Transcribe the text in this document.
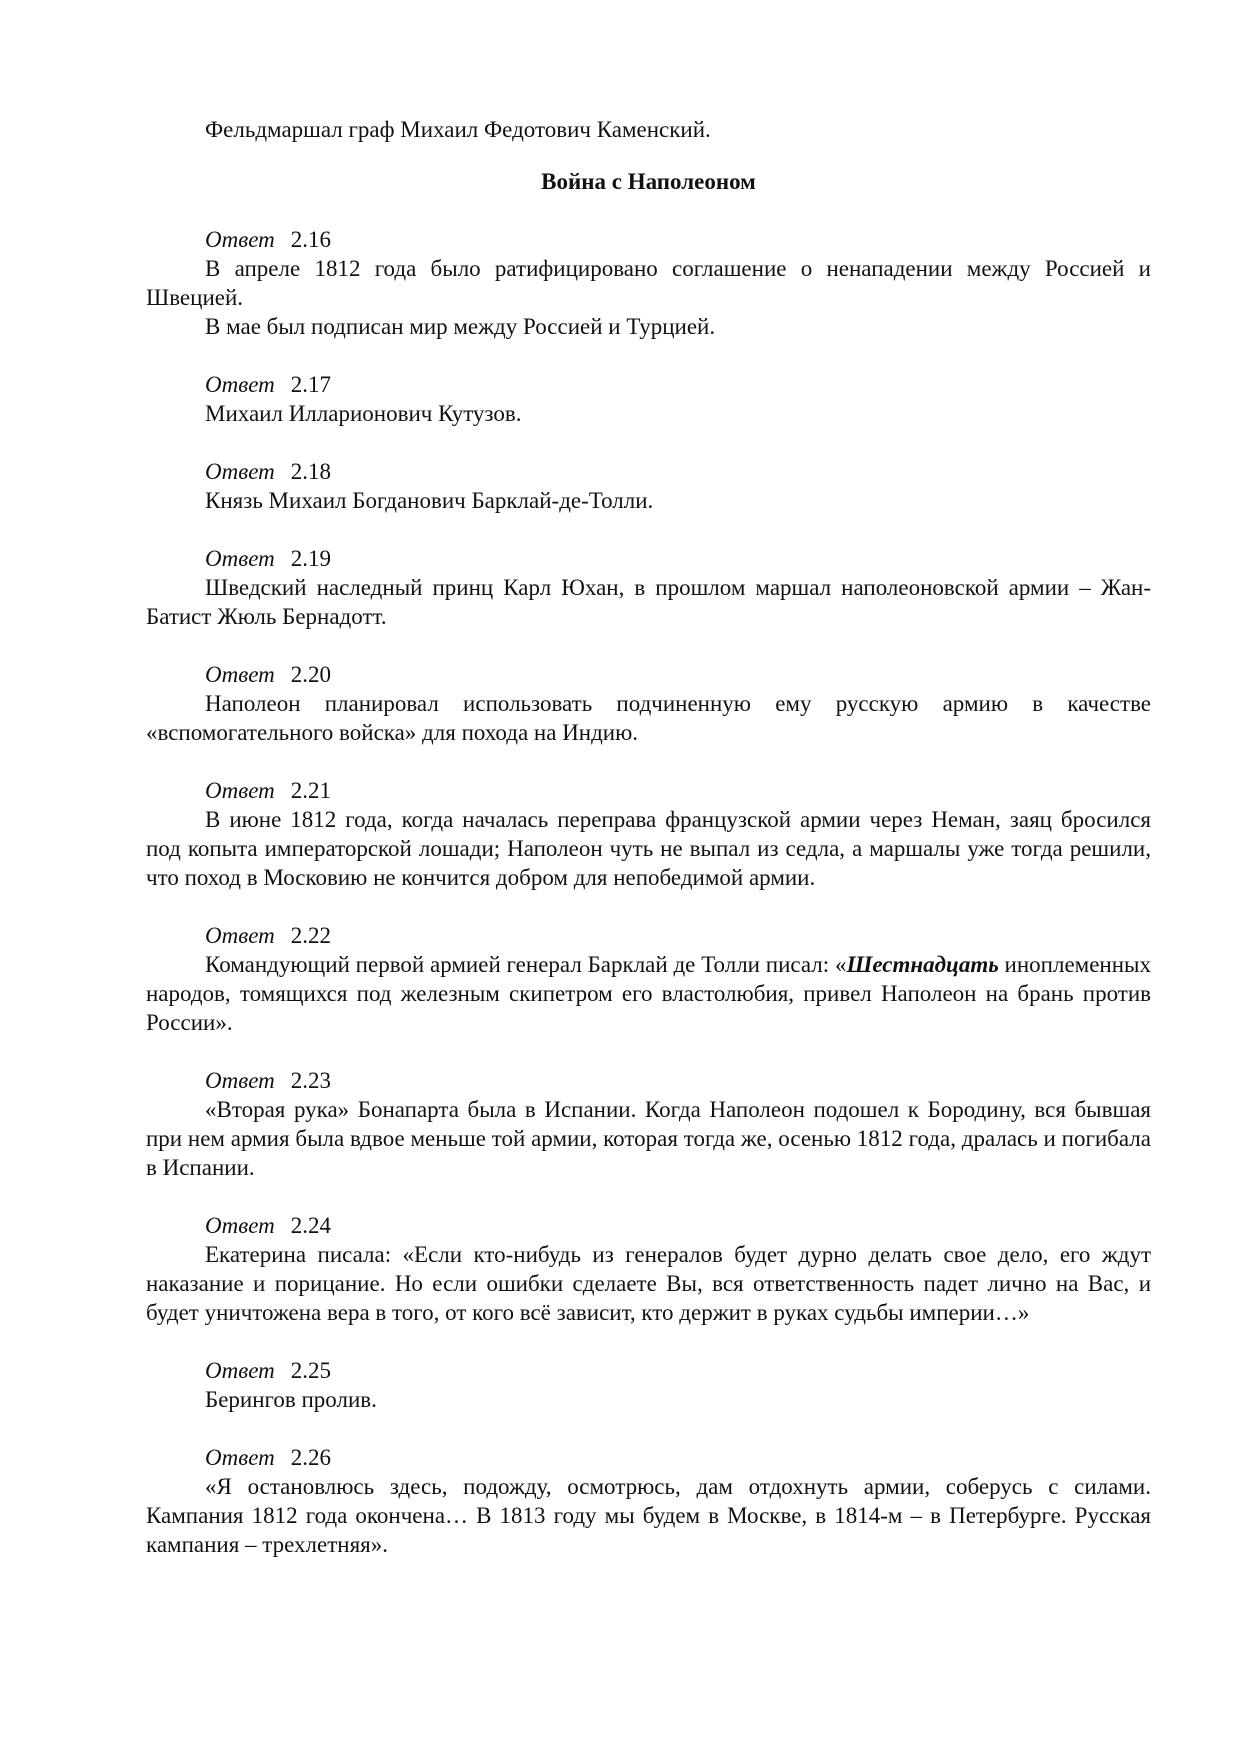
Фельдмаршал граф Михаил Федотович Каменский.

Война с Наполеоном

Ответ 2.16

В апреле 1812 года было ратифицировано соглашение о ненападении между Россией и Швецией.

В мае был подписан мир между Россией и Турцией.

Ответ 2.17

Михаил Илларионович Кутузов.

Ответ 2.18

Князь Михаил Богданович Барклай-де-Толли.

Ответ 2.19

Шведский наследный принц Карл Юхан, в прошлом маршал наполеоновской армии – Жан-Батист Жюль Бернадотт.

Ответ 2.20

Наполеон планировал использовать подчиненную ему русскую армию в качестве «вспомогательного войска» для похода на Индию.

Ответ 2.21

В июне 1812 года, когда началась переправа французской армии через Неман, заяц бросился под копыта императорской лошади; Наполеон чуть не выпал из седла, а маршалы уже тогда решили, что поход в Московию не кончится добром для непобедимой армии.

Ответ 2.22

Командующий первой армией генерал Барклай де Толли писал: «Шестнадцать иноплеменных народов, томящихся под железным скипетром его властолюбия, привел Наполеон на брань против России».

Ответ 2.23

«Вторая рука» Бонапарта была в Испании. Когда Наполеон подошел к Бородину, вся бывшая при нем армия была вдвое меньше той армии, которая тогда же, осенью 1812 года, дралась и погибала в Испании.

Ответ 2.24

Екатерина писала: «Если кто-нибудь из генералов будет дурно делать свое дело, его ждут наказание и порицание. Но если ошибки сделаете Вы, вся ответственность падет лично на Вас, и будет уничтожена вера в того, от кого всё зависит, кто держит в руках судьбы империи…»

Ответ 2.25

Берингов пролив.

Ответ 2.26

«Я остановлюсь здесь, подожду, осмотрюсь, дам отдохнуть армии, соберусь с силами. Кампания 1812 года окончена… В 1813 году мы будем в Москве, в 1814-м – в Петербурге. Русская кампания – трехлетняя».
